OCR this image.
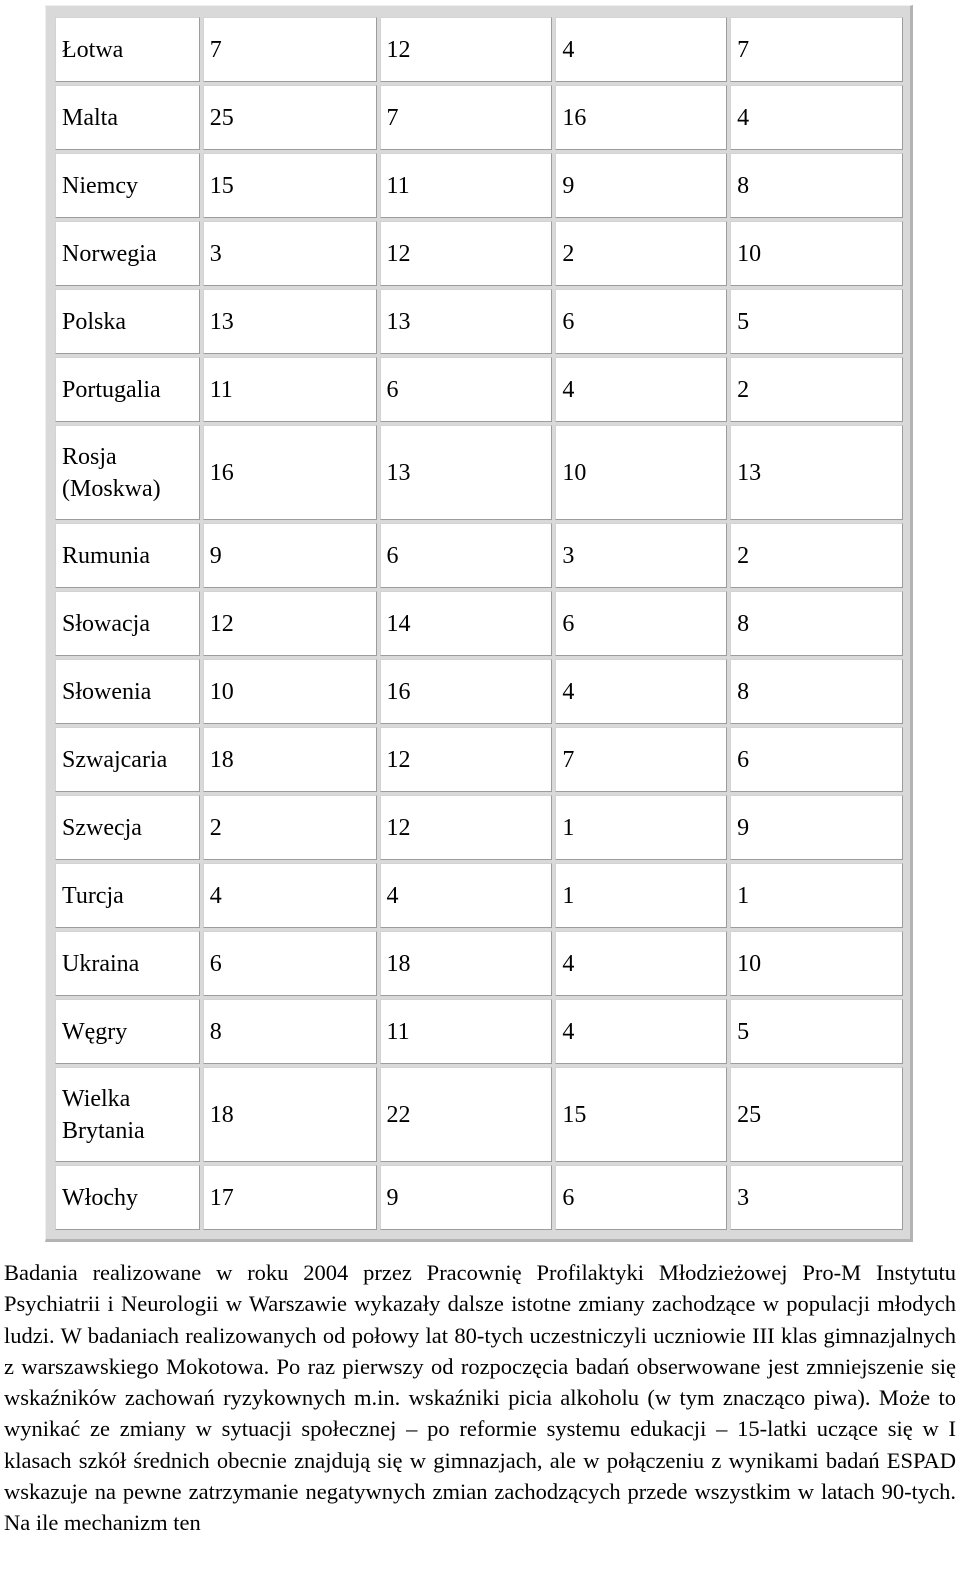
Łotwa	7	12	4	7
Malta	25	7	16	4
Niemcy	15	11	9	8
Norwegia	3	12	2	10
Polska	13	13	6	5
Portugalia	11	6	4	2
Rosja (Moskwa)	16	13	10	13
Rumunia	9	6	3	2
Słowacja	12	14	6	8
Słowenia	10	16	4	8
Szwajcaria	18	12	7	6
Szwecja	2	12	1	9
Turcja	4	4	1	1
Ukraina	6	18	4	10
Węgry	8	11	4	5
Wielka Brytania	18	22	15	25
Włochy	17	9	6	3

Badania realizowane w roku 2004 przez Pracownię Profilaktyki Młodzieżowej Pro-M Instytutu Psychiatrii i Neurologii w Warszawie wykazały dalsze istotne zmiany zachodzące w populacji młodych ludzi. W badaniach realizowanych od połowy lat 80-tych uczestniczyli uczniowie III klas gimnazjalnych z warszawskiego Mokotowa. Po raz pierwszy od rozpoczęcia badań obserwowane jest zmniejszenie się wskaźników zachowań ryzykownych m.in. wskaźniki picia alkoholu (w tym znacząco piwa). Może to wynikać ze zmiany w sytuacji społecznej – po reformie systemu edukacji – 15-latki uczące się w I klasach szkół średnich obecnie znajdują się w gimnazjach, ale w połączeniu z wynikami badań ESPAD wskazuje na pewne zatrzymanie negatywnych zmian zachodzących przede wszystkim w latach 90-tych. Na ile mechanizm ten
